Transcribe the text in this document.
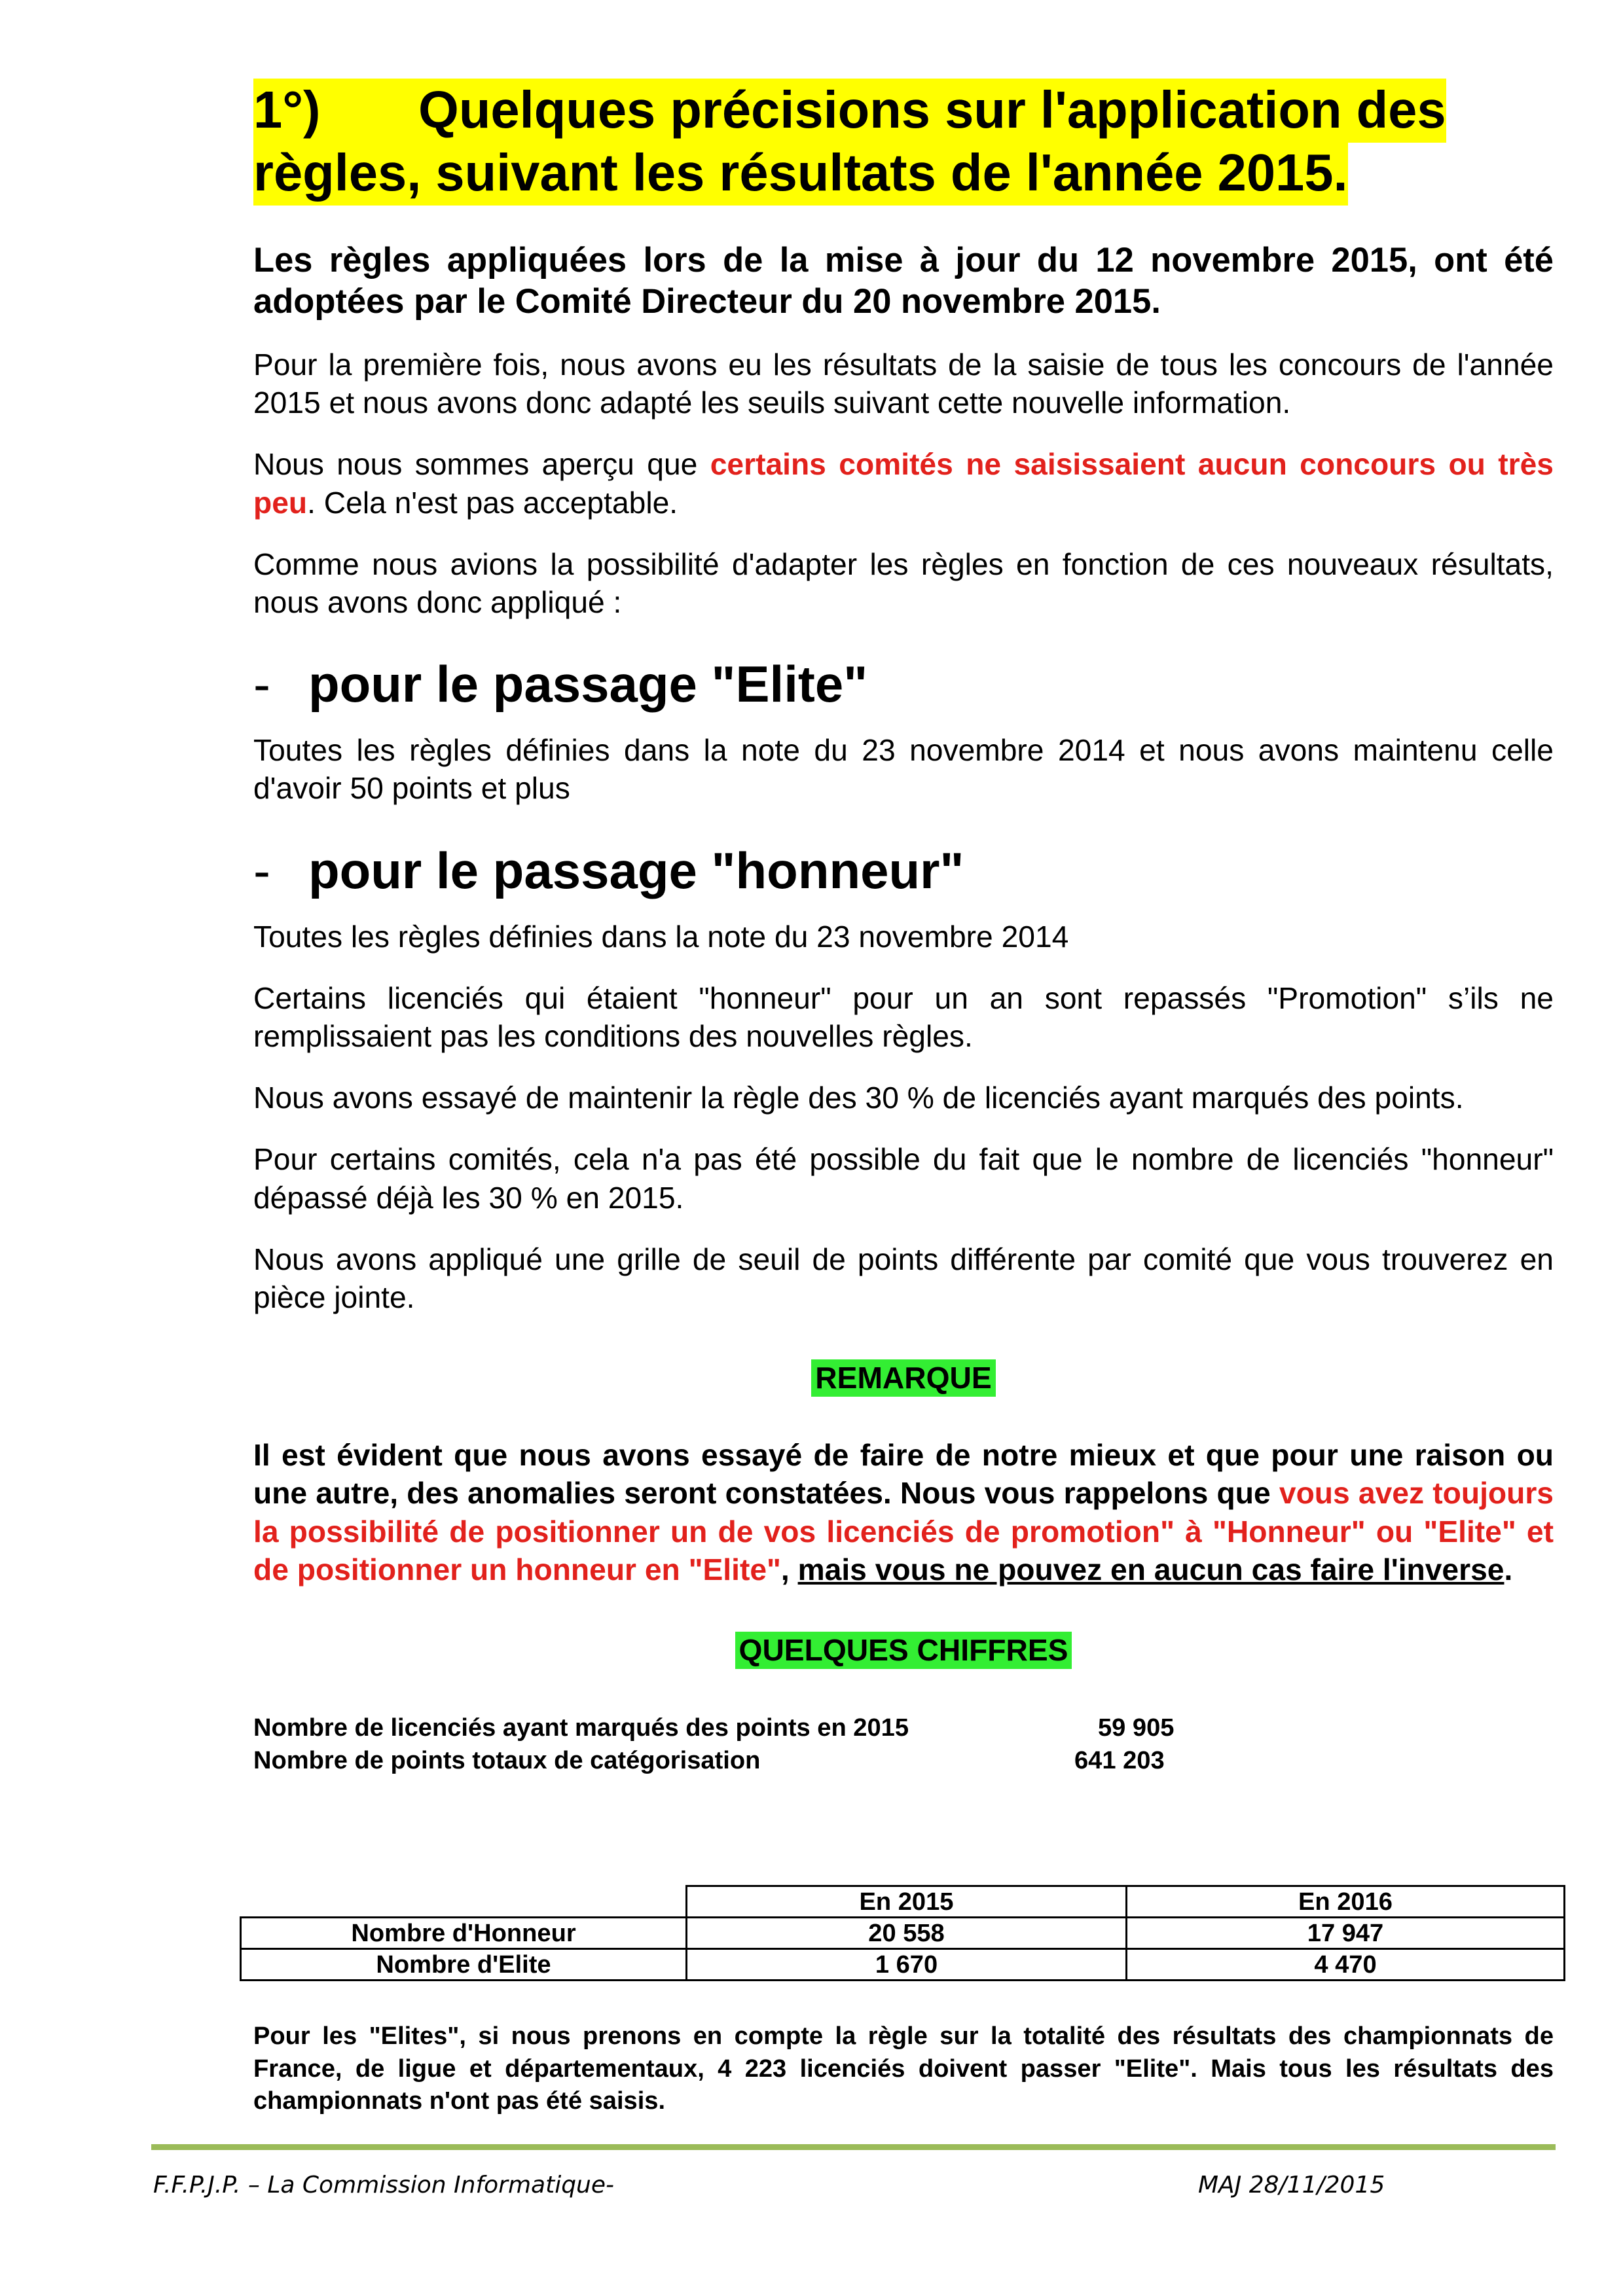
1°)	Quelques précisions sur l'application des
règles, suivant les résultats de l'année 2015.

Les règles appliquées lors de la mise à jour du 12 novembre 2015, ont été adoptées par le Comité Directeur du 20 novembre 2015.

Pour la première fois, nous avons eu les résultats de la saisie de tous les concours de l'année 2015 et nous avons donc adapté les seuils suivant cette nouvelle information.

Nous nous sommes aperçu que certains comités ne saisissaient aucun concours ou très peu. Cela n'est pas acceptable.

Comme nous avions la possibilité d'adapter les règles en fonction de ces nouveaux résultats, nous avons donc appliqué :

- pour le passage "Elite"

Toutes les règles définies dans la note du 23 novembre 2014 et nous avons maintenu celle d'avoir 50 points et plus

- pour le passage "honneur"

Toutes les règles définies dans la note du 23 novembre 2014

Certains licenciés qui étaient "honneur" pour un an sont repassés "Promotion" s’ils ne remplissaient pas les conditions des nouvelles règles.

Nous avons essayé de maintenir la règle des 30 % de licenciés ayant marqués des points.

Pour certains comités, cela n'a pas été possible du fait que le nombre de licenciés "honneur" dépassé déjà les 30 % en 2015.

Nous avons appliqué une grille de seuil de points différente par comité que vous trouverez en pièce jointe.

REMARQUE

Il est évident que nous avons essayé de faire de notre mieux et que pour une raison ou une autre, des anomalies seront constatées. Nous vous rappelons que vous avez toujours la possibilité de positionner un de vos licenciés de promotion" à "Honneur" ou "Elite" et de positionner un honneur en "Elite", mais vous ne pouvez en aucun cas faire l'inverse.

QUELQUES CHIFFRES

Nombre de licenciés ayant marqués des points en 2015	59 905
Nombre de points totaux de catégorisation	641 203
	En 2015	En 2016
Nombre d'Honneur	20 558	17 947
Nombre d'Elite	1 670	4 470

Pour les "Elites", si nous prenons en compte la règle sur la totalité des résultats des championnats de France, de ligue et départementaux, 4 223 licenciés doivent passer "Elite". Mais tous les résultats des championnats n'ont pas été saisis.

F.F.P.J.P. – La Commission Informatique-	MAJ 28/11/2015
